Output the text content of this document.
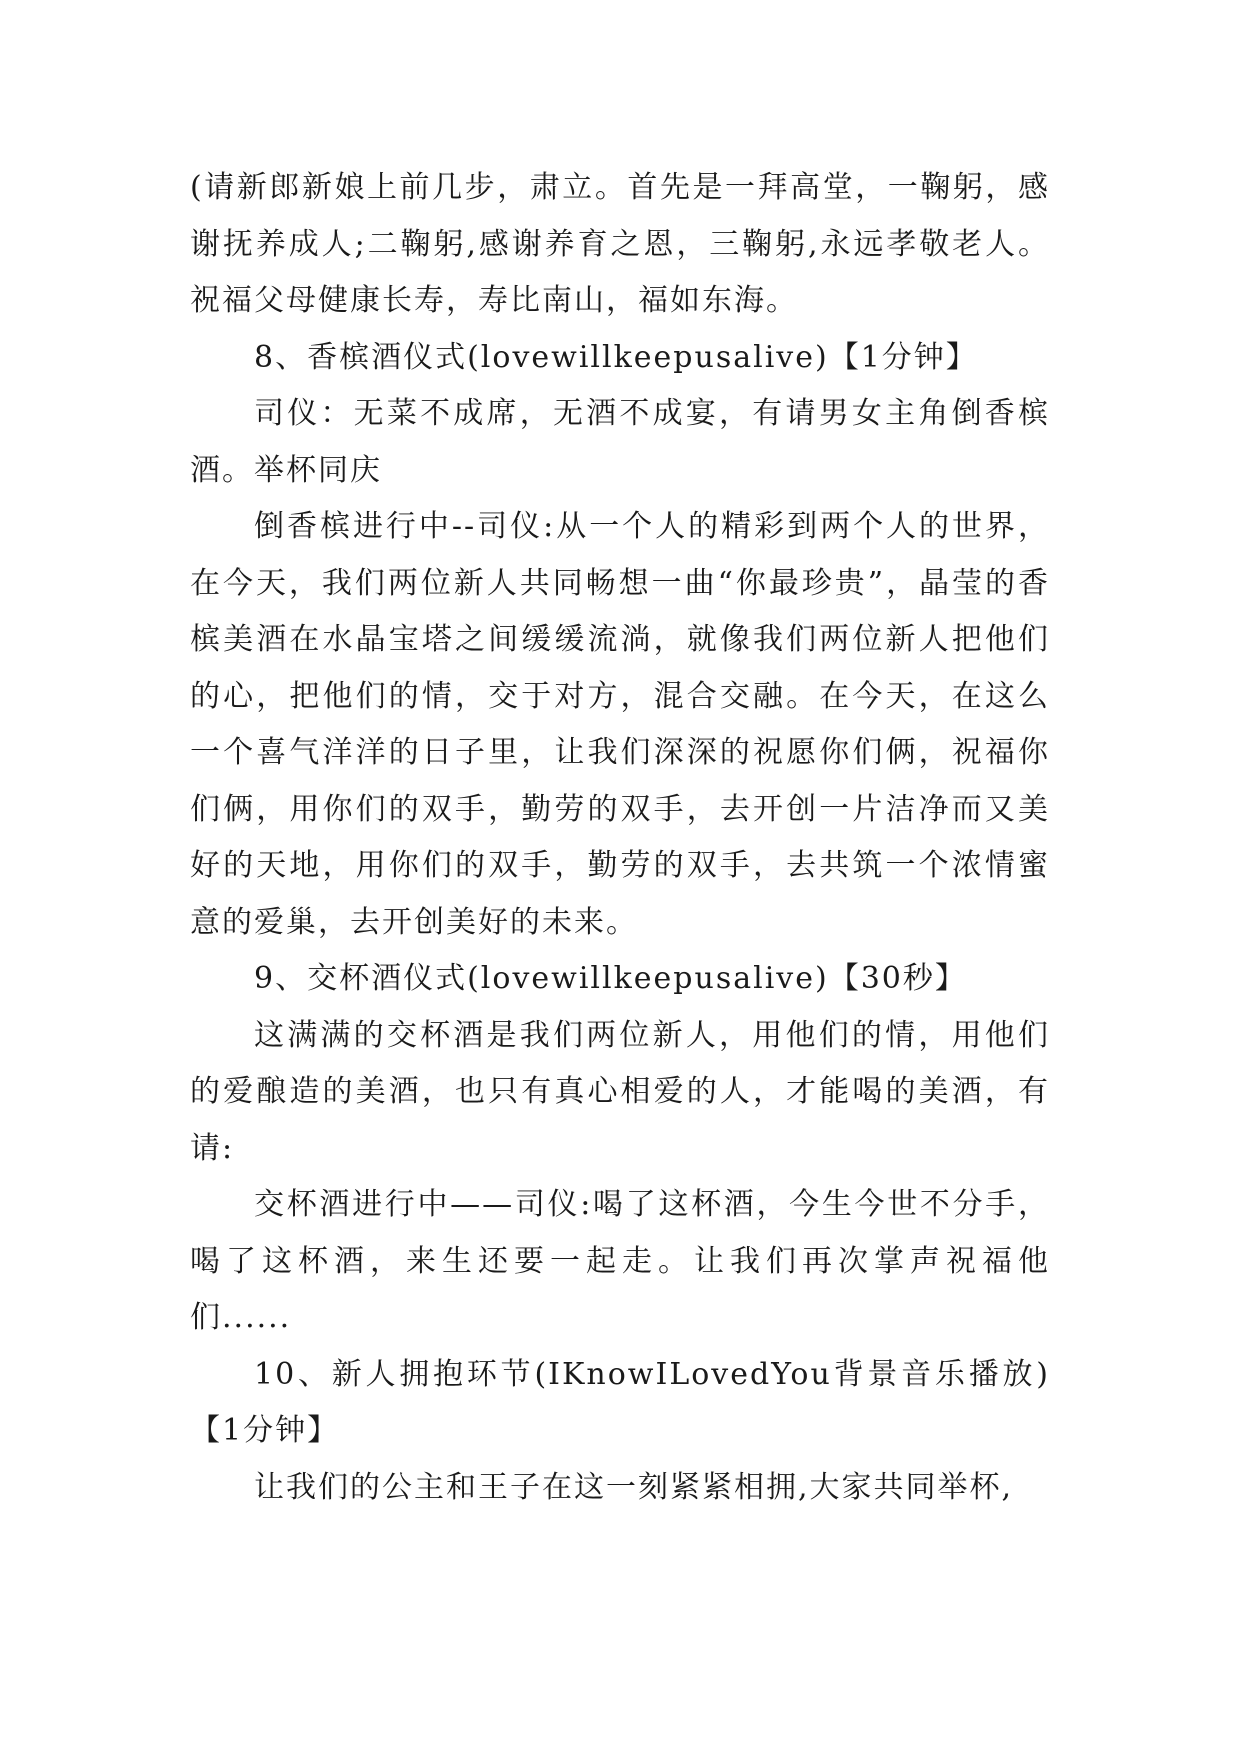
(请新郎新娘上前几步，肃立。首先是一拜高堂，一鞠躬，感谢抚养成人;二鞠躬,感谢养育之恩，三鞠躬,永远孝敬老人。祝福父母健康长寿，寿比南山，福如东海。

8、香槟酒仪式(lovewillkeepusalive)【1分钟】

司仪：无菜不成席，无酒不成宴，有请男女主角倒香槟酒。举杯同庆

倒香槟进行中--司仪:从一个人的精彩到两个人的世界，在今天，我们两位新人共同畅想一曲“你最珍贵”，晶莹的香槟美酒在水晶宝塔之间缓缓流淌，就像我们两位新人把他们的心，把他们的情，交于对方，混合交融。在今天，在这么一个喜气洋洋的日子里，让我们深深的祝愿你们俩，祝福你们俩，用你们的双手，勤劳的双手，去开创一片洁净而又美好的天地，用你们的双手，勤劳的双手，去共筑一个浓情蜜意的爱巢，去开创美好的未来。

9、交杯酒仪式(lovewillkeepusalive)【30秒】

这满满的交杯酒是我们两位新人，用他们的情，用他们的爱酿造的美酒，也只有真心相爱的人，才能喝的美酒，有请:

交杯酒进行中——司仪:喝了这杯酒，今生今世不分手，喝了这杯酒，来生还要一起走。让我们再次掌声祝福他们......

10、新人拥抱环节(IKnowILovedYou背景音乐播放)【1分钟】

让我们的公主和王子在这一刻紧紧相拥,大家共同举杯,
